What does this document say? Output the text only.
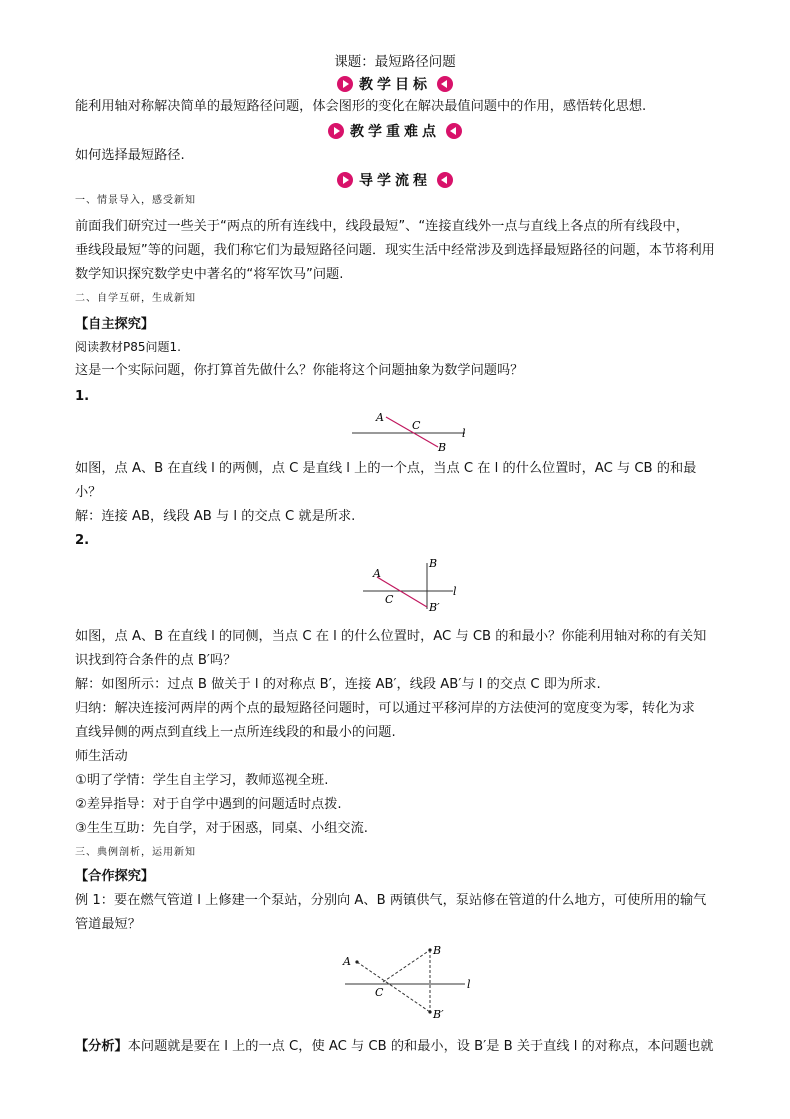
课题：最短路径问题
教学目标
能利用轴对称解决简单的最短路径问题，体会图形的变化在解决最值问题中的作用，感悟转化思想.
教学重难点
如何选择最短路径.
导学流程
一、情景导入，感受新知
前面我们研究过一些关于“两点的所有连线中，线段最短”、“连接直线外一点与直线上各点的所有线段中，
垂线段最短”等的问题，我们称它们为最短路径问题．现实生活中经常涉及到选择最短路径的问题，本节将利用
数学知识探究数学史中著名的“将军饮马”问题.
二、自学互研，生成新知
【自主探究】
阅读教材P85问题1.
这是一个实际问题，你打算首先做什么？你能将这个问题抽象为数学问题吗？
1.
A
C
B
l
如图，点 A、B 在直线 l 的两侧，点 C 是直线 l 上的一个点，当点 C 在 l 的什么位置时，AC 与 CB 的和最
小？
解：连接 AB，线段 AB 与 l 的交点 C 就是所求.
2.
A
B
C
B′
l
如图，点 A、B 在直线 l 的同侧，当点 C 在 l 的什么位置时，AC 与 CB 的和最小？你能利用轴对称的有关知
识找到符合条件的点 B′吗？
解：如图所示：过点 B 做关于 l 的对称点 B′，连接 AB′，线段 AB′与 l 的交点 C 即为所求.
归纳：解决连接河两岸的两个点的最短路径问题时，可以通过平移河岸的方法使河的宽度变为零，转化为求
直线异侧的两点到直线上一点所连线段的和最小的问题.
师生活动
①明了学情：学生自主学习，教师巡视全班.
②差异指导：对于自学中遇到的问题适时点拨.
③生生互助：先自学，对于困惑，同桌、小组交流.
三、典例剖析，运用新知
【合作探究】
例 1：要在燃气管道 l 上修建一个泵站，分别向 A、B 两镇供气，泵站修在管道的什么地方，可使所用的输气
管道最短？
A
B
C
B′
l
【分析】本问题就是要在 l 上的一点 C，使 AC 与 CB 的和最小，设 B′是 B 关于直线 l 的对称点，本问题也就
